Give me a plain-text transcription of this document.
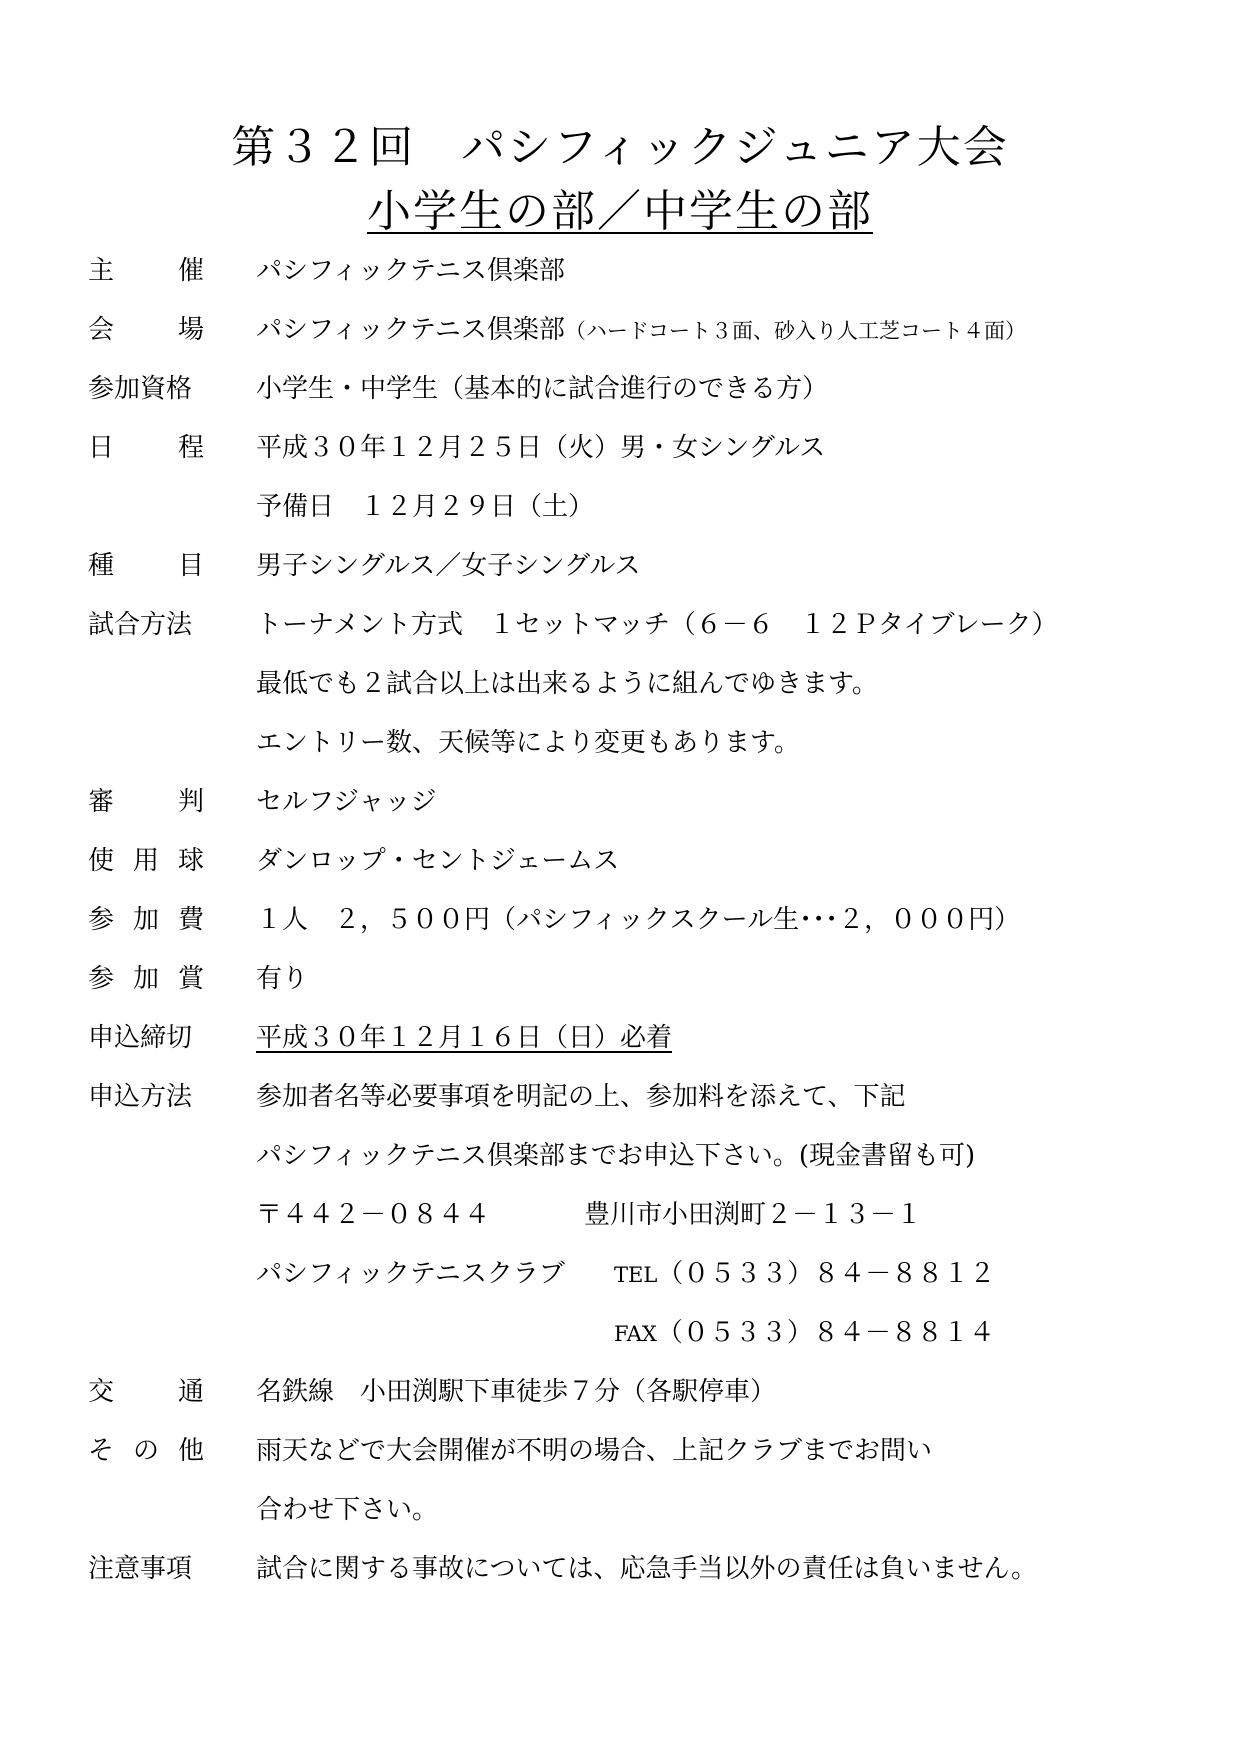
第３２回　パシフィックジュニア大会
小学生の部／中学生の部
主 催 パシフィックテニス倶楽部
会 場 パシフィックテニス倶楽部（ハードコート３面、砂入り人工芝コート４面）
参加資格 小学生・中学生（基本的に試合進行のできる方）
日 程 平成３０年１２月２５日（火）男・女シングルス
予備日　１２月２９日（土）
種 目 男子シングルス／女子シングルス
試合方法 トーナメント方式　１セットマッチ（６－６　１２Ｐタイブレーク）
最低でも２試合以上は出来るように組んでゆきます。
エントリー数、天候等により変更もあります。
審 判 セルフジャッジ
使 用 球 ダンロップ・セントジェームス
参 加 費 １人　２，５００円（パシフィックスクール生･･･２，０００円）
参 加 賞 有り
申込締切 平成３０年１２月１６日（日）必着
申込方法 参加者名等必要事項を明記の上、参加料を添えて、下記
パシフィックテニス倶楽部までお申込下さい。(現金書留も可)
〒４４２－０８４４	豊川市小田渕町２－１３－１
パシフィックテニスクラブ TEL（０５３３）８４－８８１２
FAX（０５３３）８４－８８１４
交 通 名鉄線　小田渕駅下車徒歩７分（各駅停車）
そ の 他 雨天などで大会開催が不明の場合、上記クラブまでお問い
合わせ下さい。
注意事項 試合に関する事故については、応急手当以外の責任は負いません。
